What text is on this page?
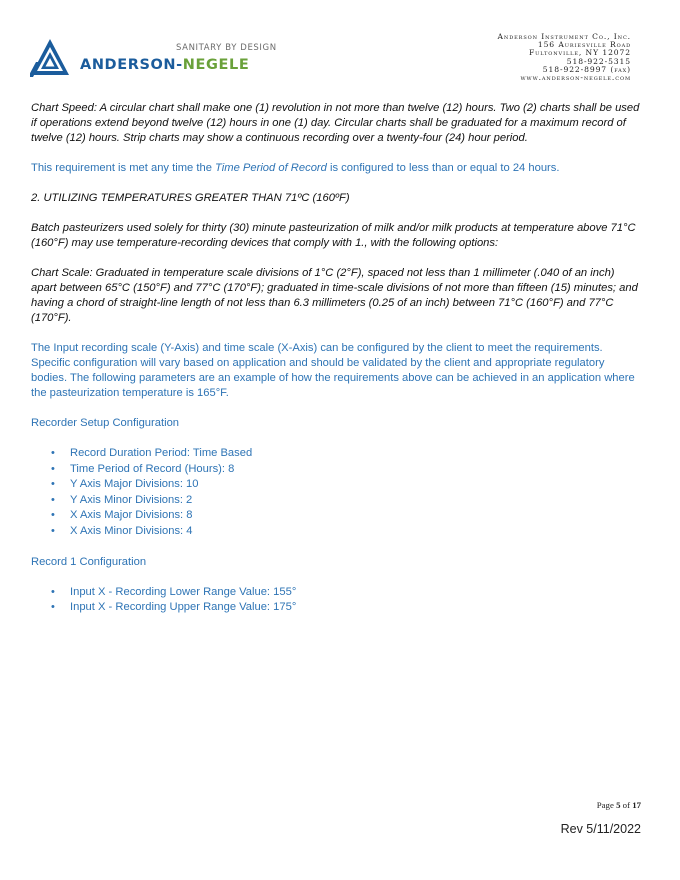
SANITARY BY DESIGN
ANDERSON-NEGELE
Anderson Instrument Co., Inc.
156 Auriesville Road
Fultonville, NY 12072
518-922-5315
518-922-8997 (fax)
www.anderson-negele.com

Chart Speed: A circular chart shall make one (1) revolution in not more than twelve (12) hours. Two (2) charts shall be used if operations extend beyond twelve (12) hours in one (1) day. Circular charts shall be graduated for a maximum record of twelve (12) hours. Strip charts may show a continuous recording over a twenty-four (24) hour period.

This requirement is met any time the Time Period of Record is configured to less than or equal to 24 hours.

2. UTILIZING TEMPERATURES GREATER THAN 71ºC (160ºF)

Batch pasteurizers used solely for thirty (30) minute pasteurization of milk and/or milk products at temperature above 71°C (160°F) may use temperature-recording devices that comply with 1., with the following options:

Chart Scale: Graduated in temperature scale divisions of 1°C (2°F), spaced not less than 1 millimeter (.040 of an inch) apart between 65°C (150°F) and 77°C (170°F); graduated in time-scale divisions of not more than fifteen (15) minutes; and having a chord of straight-line length of not less than 6.3 millimeters (0.25 of an inch) between 71°C (160°F) and 77°C (170°F).

The Input recording scale (Y-Axis) and time scale (X-Axis) can be configured by the client to meet the requirements. Specific configuration will vary based on application and should be validated by the client and appropriate regulatory bodies. The following parameters are an example of how the requirements above can be achieved in an application where the pasteurization temperature is 165°F.

Recorder Setup Configuration

• Record Duration Period: Time Based
• Time Period of Record (Hours): 8
• Y Axis Major Divisions: 10
• Y Axis Minor Divisions: 2
• X Axis Major Divisions: 8
• X Axis Minor Divisions: 4

Record 1 Configuration

• Input X - Recording Lower Range Value: 155°
• Input X - Recording Upper Range Value: 175°
Page 5 of 17
Rev 5/11/2022
